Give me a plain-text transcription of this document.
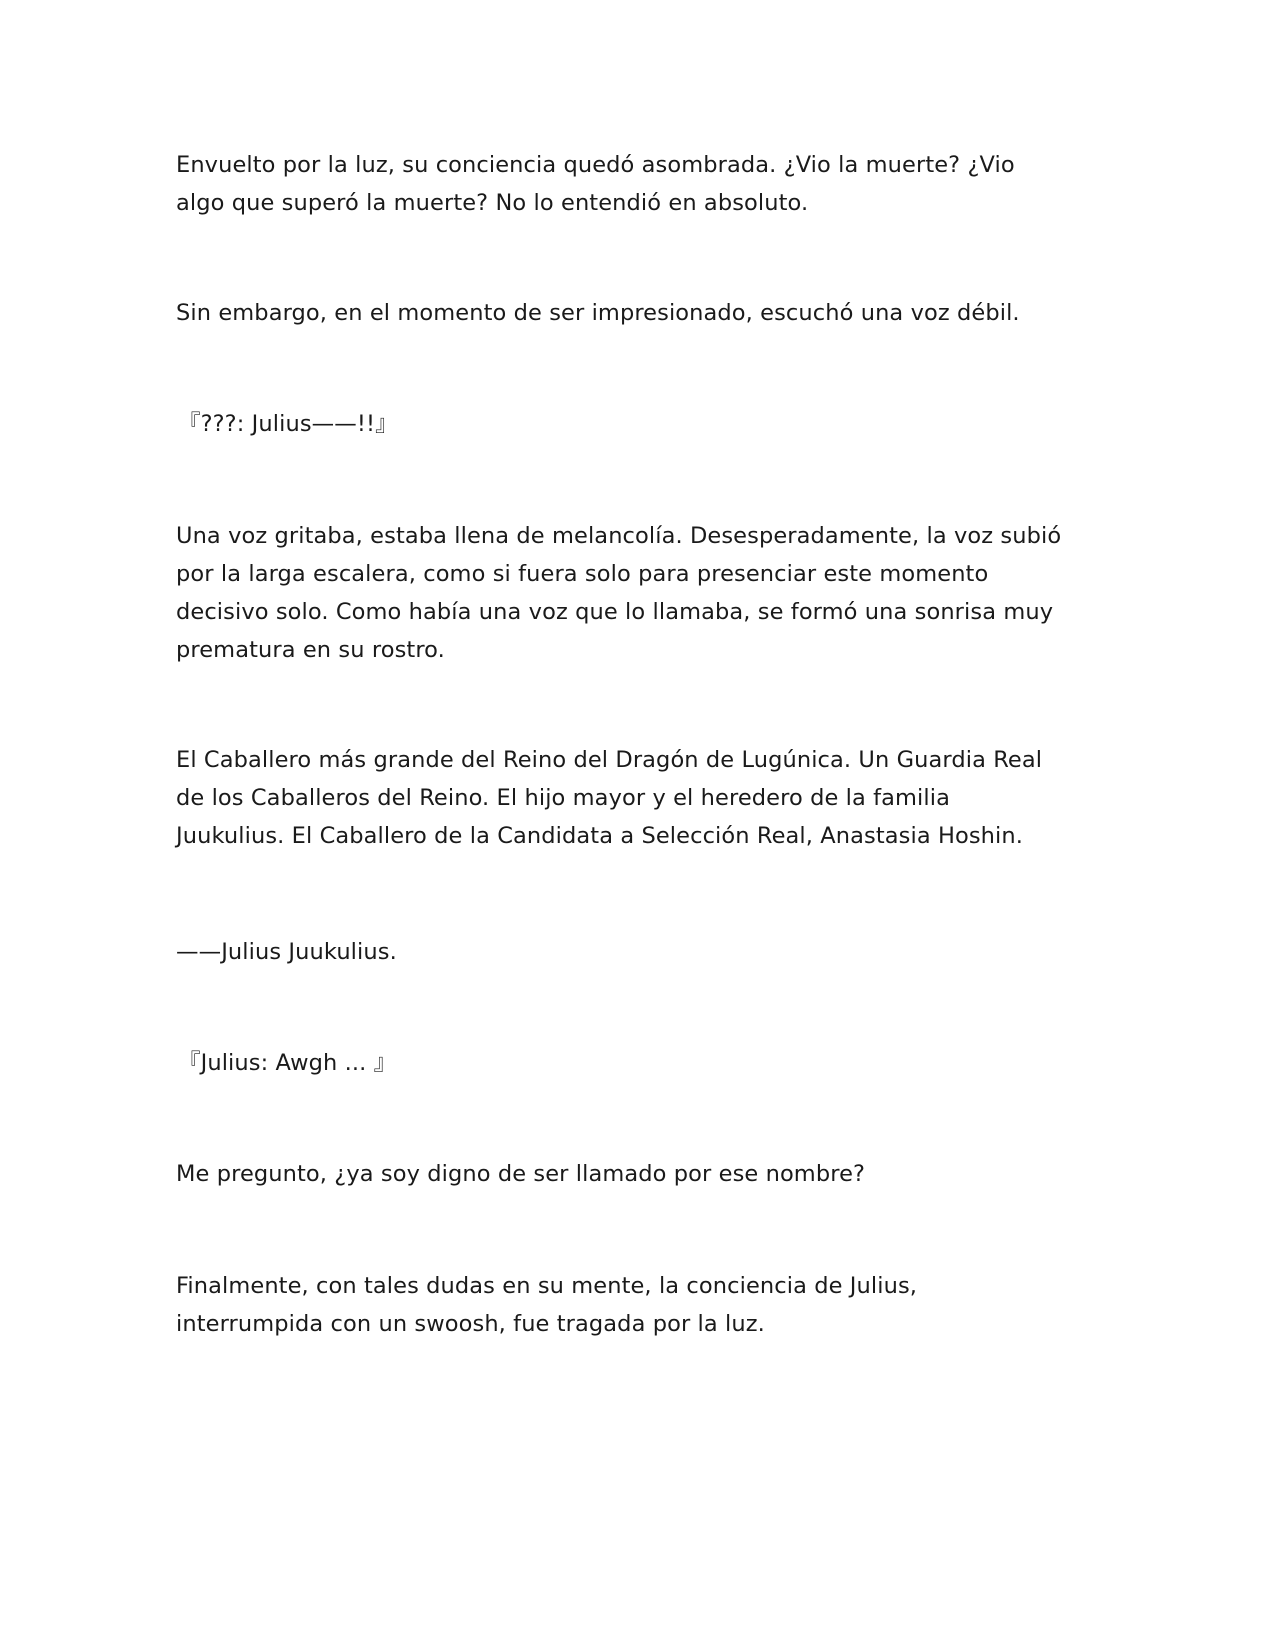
Envuelto por la luz, su conciencia quedó asombrada. ¿Vio la muerte? ¿Vio
algo que superó la muerte? No lo entendió en absoluto.

Sin embargo, en el momento de ser impresionado, escuchó una voz débil.

『???: Julius——!!』

Una voz gritaba, estaba llena de melancolía. Desesperadamente, la voz subió
por la larga escalera, como si fuera solo para presenciar este momento
decisivo solo. Como había una voz que lo llamaba, se formó una sonrisa muy
prematura en su rostro.

El Caballero más grande del Reino del Dragón de Lugúnica. Un Guardia Real
de los Caballeros del Reino. El hijo mayor y el heredero de la familia
Juukulius. El Caballero de la Candidata a Selección Real, Anastasia Hoshin.

——Julius Juukulius.

『Julius: Awgh ... 』

Me pregunto, ¿ya soy digno de ser llamado por ese nombre?

Finalmente, con tales dudas en su mente, la conciencia de Julius,
interrumpida con un swoosh, fue tragada por la luz.
